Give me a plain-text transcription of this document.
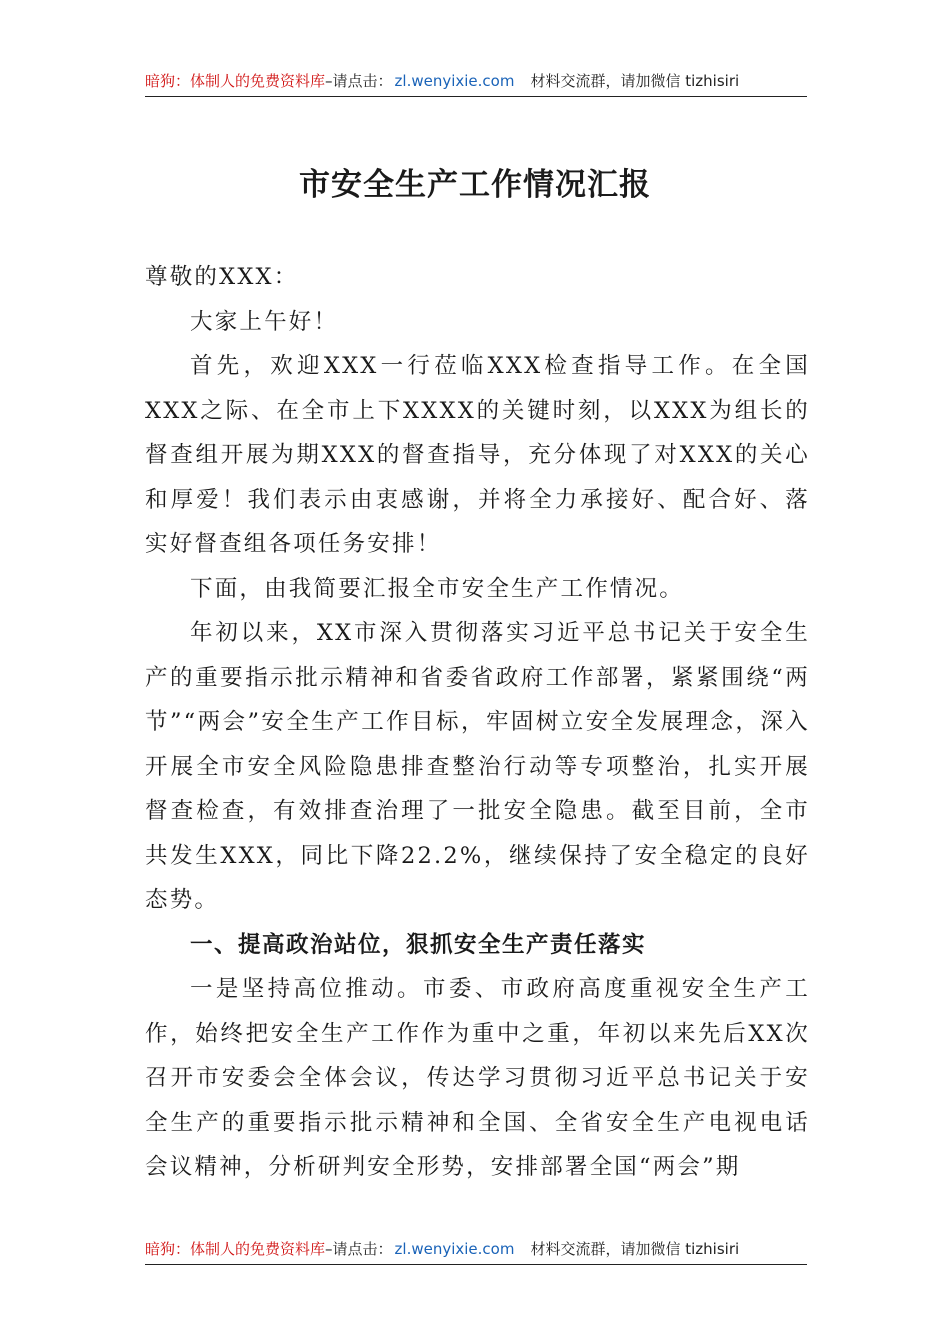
暗狗：体制人的免费资料库 – 请点击： zl.wenyixie.com 材料交流群，请加微信 tizhisiri
市安全生产工作情况汇报

尊敬的XXX：

大家上午好！

首先，欢迎XXX一行莅临XXX检查指导工作。在全国XXX之际、在全市上下XXXX的关键时刻，以XXX为组长的督查组开展为期XXX的督查指导，充分体现了对XXX的关心和厚爱！我们表示由衷感谢，并将全力承接好、配合好、落实好督查组各项任务安排！

下面，由我简要汇报全市安全生产工作情况。

年初以来，XX市深入贯彻落实习近平总书记关于安全生产的重要指示批示精神和省委省政府工作部署，紧紧围绕“两节”“两会”安全生产工作目标，牢固树立安全发展理念，深入开展全市安全风险隐患排查整治行动等专项整治，扎实开展督查检查，有效排查治理了一批安全隐患。截至目前，全市共发生XXX，同比下降22.2%，继续保持了安全稳定的良好态势。

一、提高政治站位，狠抓安全生产责任落实

一是坚持高位推动。市委、市政府高度重视安全生产工作，始终把安全生产工作作为重中之重，年初以来先后XX次召开市安委会全体会议，传达学习贯彻习近平总书记关于安全生产的重要指示批示精神和全国、全省安全生产电视电话会议精神，分析研判安全形势，安排部署全国“两会”期

暗狗：体制人的免费资料库 – 请点击： zl.wenyixie.com 材料交流群，请加微信 tizhisiri
